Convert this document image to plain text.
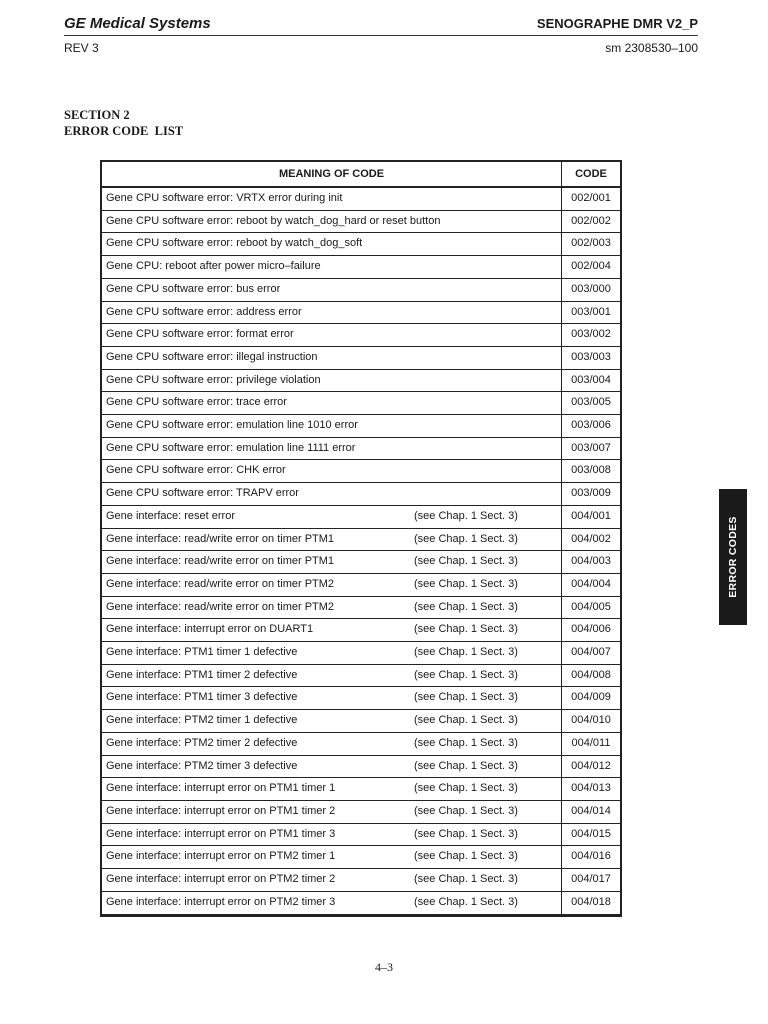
GE Medical Systems	SENOGRAPHE DMR V2_P
REV 3	sm 2308530–100
SECTION 2
ERROR CODE  LIST
MEANING OF CODE	CODE

Gene CPU software error: VRTX error during init	002/001

Gene CPU software error: reboot by watch_dog_hard or reset button	002/002

Gene CPU software error: reboot by watch_dog_soft	002/003

Gene CPU: reboot after power micro–failure	002/004

Gene CPU software error: bus error	003/000

Gene CPU software error: address error	003/001

Gene CPU software error: format error	003/002

Gene CPU software error: illegal instruction	003/003

Gene CPU software error: privilege violation	003/004

Gene CPU software error: trace error	003/005

Gene CPU software error: emulation line 1010 error	003/006

Gene CPU software error: emulation line 1111 error	003/007

Gene CPU software error: CHK error	003/008

Gene CPU software error: TRAPV error	003/009

Gene interface: reset error (see Chap. 1 Sect. 3)	004/001

Gene interface: read/write error on timer PTM1 (see Chap. 1 Sect. 3)	004/002

Gene interface: read/write error on timer PTM1 (see Chap. 1 Sect. 3)	004/003

Gene interface: read/write error on timer PTM2 (see Chap. 1 Sect. 3)	004/004

Gene interface: read/write error on timer PTM2 (see Chap. 1 Sect. 3)	004/005

Gene interface: interrupt error on DUART1 (see Chap. 1 Sect. 3)	004/006

Gene interface: PTM1 timer 1 defective (see Chap. 1 Sect. 3)	004/007

Gene interface: PTM1 timer 2 defective (see Chap. 1 Sect. 3)	004/008

Gene interface: PTM1 timer 3 defective (see Chap. 1 Sect. 3)	004/009

Gene interface: PTM2 timer 1 defective (see Chap. 1 Sect. 3)	004/010

Gene interface: PTM2 timer 2 defective (see Chap. 1 Sect. 3)	004/011

Gene interface: PTM2 timer 3 defective (see Chap. 1 Sect. 3)	004/012

Gene interface: interrupt error on PTM1 timer 1 (see Chap. 1 Sect. 3)	004/013

Gene interface: interrupt error on PTM1 timer 2 (see Chap. 1 Sect. 3)	004/014

Gene interface: interrupt error on PTM1 timer 3 (see Chap. 1 Sect. 3)	004/015

Gene interface: interrupt error on PTM2 timer 1 (see Chap. 1 Sect. 3)	004/016

Gene interface: interrupt error on PTM2 timer 2 (see Chap. 1 Sect. 3)	004/017

Gene interface: interrupt error on PTM2 timer 3 (see Chap. 1 Sect. 3)	004/018
ERROR CODES
4–3
